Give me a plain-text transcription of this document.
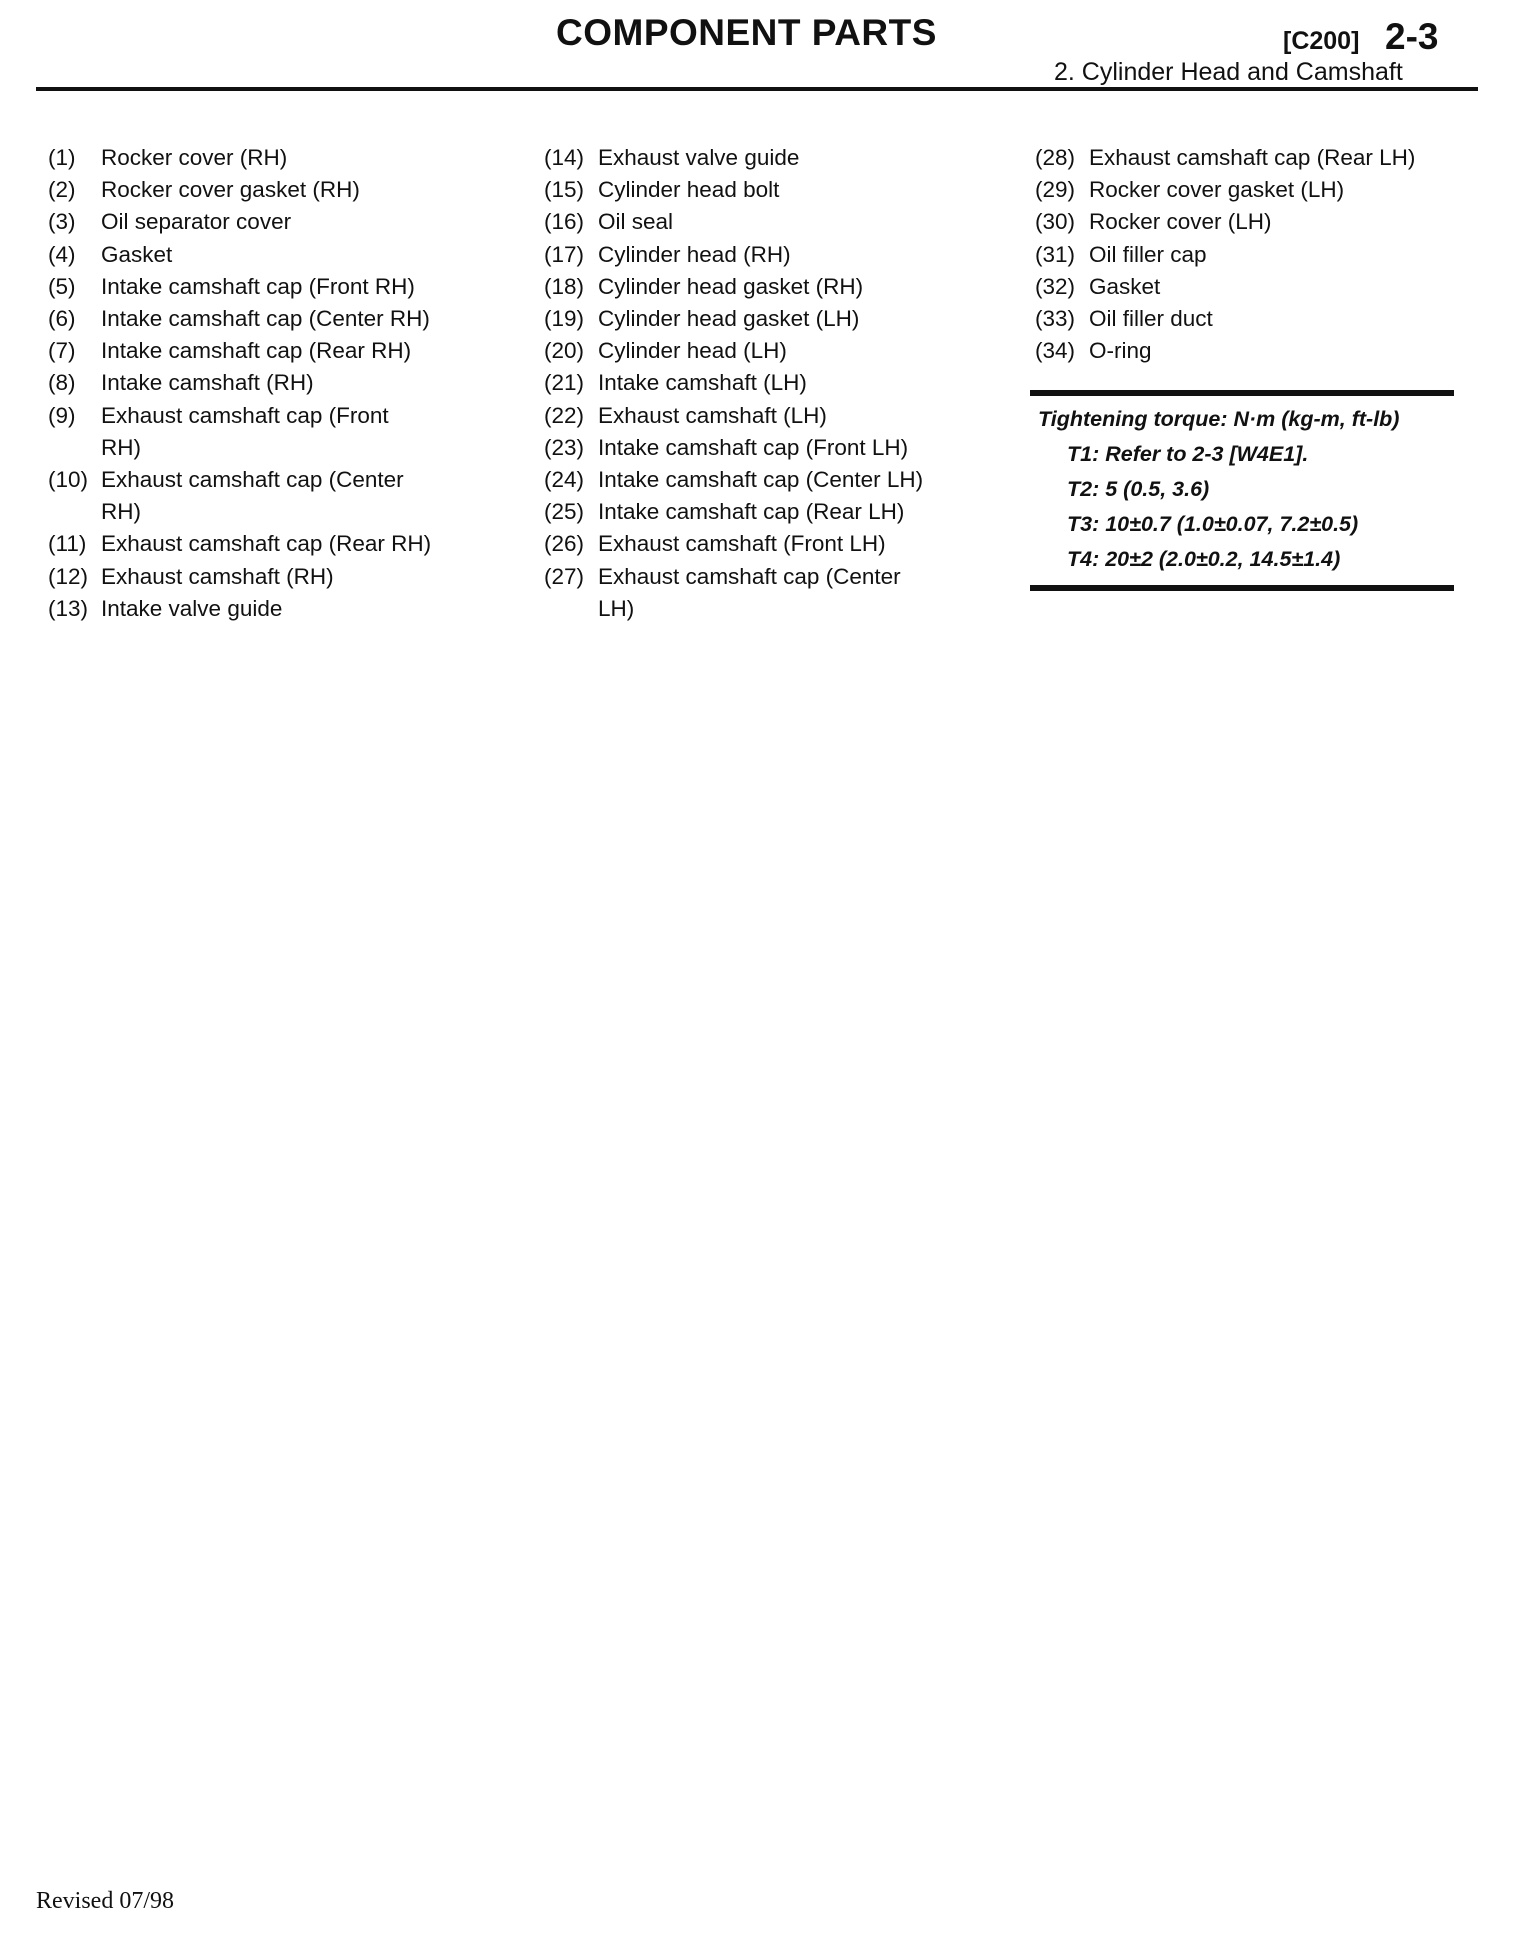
COMPONENT PARTS	[C200] 2-3
2. Cylinder Head and Camshaft
(1)	Rocker cover (RH)
(2)	Rocker cover gasket (RH)
(3)	Oil separator cover
(4)	Gasket
(5)	Intake camshaft cap (Front RH)
(6)	Intake camshaft cap (Center RH)
(7)	Intake camshaft cap (Rear RH)
(8)	Intake camshaft (RH)
(9)	Exhaust camshaft cap (Front RH)
(10) Exhaust camshaft cap (Center RH)
(11) Exhaust camshaft cap (Rear RH)
(12) Exhaust camshaft (RH)
(13) Intake valve guide
(14) Exhaust valve guide
(15) Cylinder head bolt
(16) Oil seal
(17) Cylinder head (RH)
(18) Cylinder head gasket (RH)
(19) Cylinder head gasket (LH)
(20) Cylinder head (LH)
(21) Intake camshaft (LH)
(22) Exhaust camshaft (LH)
(23) Intake camshaft cap (Front LH)
(24) Intake camshaft cap (Center LH)
(25) Intake camshaft cap (Rear LH)
(26) Exhaust camshaft (Front LH)
(27) Exhaust camshaft cap (Center LH)
(28) Exhaust camshaft cap (Rear LH)
(29) Rocker cover gasket (LH)
(30) Rocker cover (LH)
(31) Oil filler cap
(32) Gasket
(33) Oil filler duct
(34) O-ring
Tightening torque: N·m (kg-m, ft-lb)
T1: Refer to 2-3 [W4E1].
T2: 5 (0.5, 3.6)
T3: 10±0.7 (1.0±0.07, 7.2±0.5)
T4: 20±2 (2.0±0.2, 14.5±1.4)
Revised 07/98
